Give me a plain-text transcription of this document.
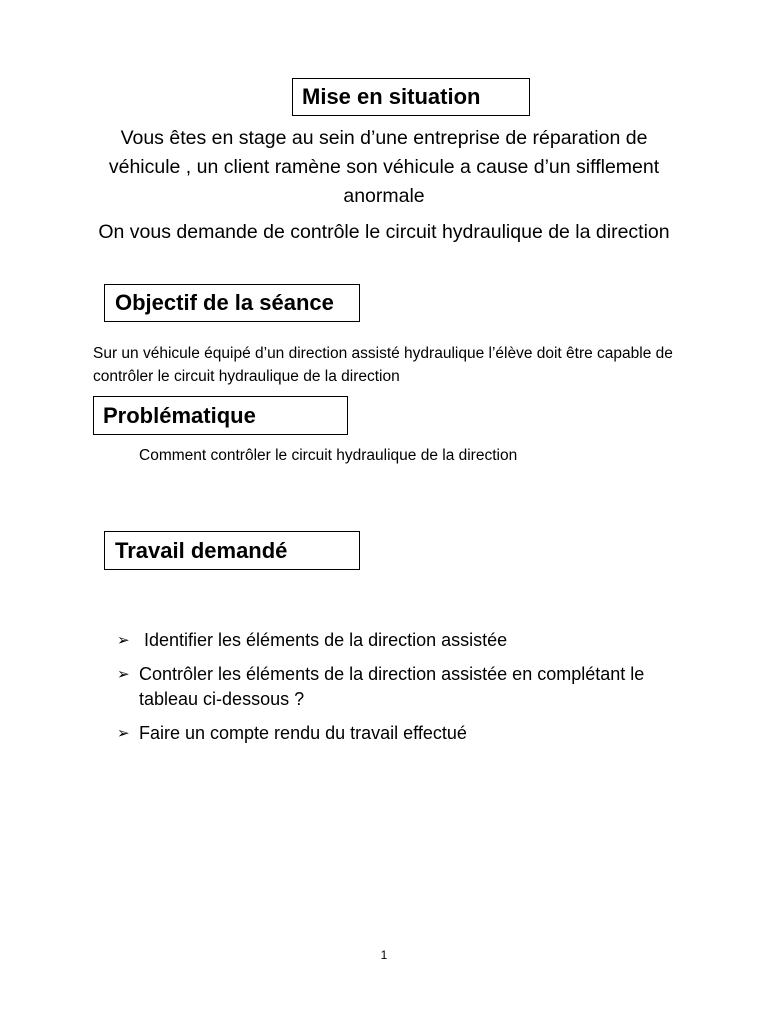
Mise en situation
Vous êtes en stage au sein d’une entreprise de réparation de véhicule , un client ramène son véhicule a cause d’un sifflement anormale
On vous demande de contrôle le circuit hydraulique de la direction
Objectif de la séance
Sur un véhicule équipé d’un direction assisté hydraulique l’élève doit être capable de contrôler le circuit hydraulique de la direction
Problématique
Comment contrôler le circuit hydraulique de la direction
Travail demandé
➢ Identifier les éléments de la direction assistée
➢ Contrôler les éléments de la direction assistée en complétant le tableau ci-dessous ?
➢ Faire un compte rendu du travail effectué
1
